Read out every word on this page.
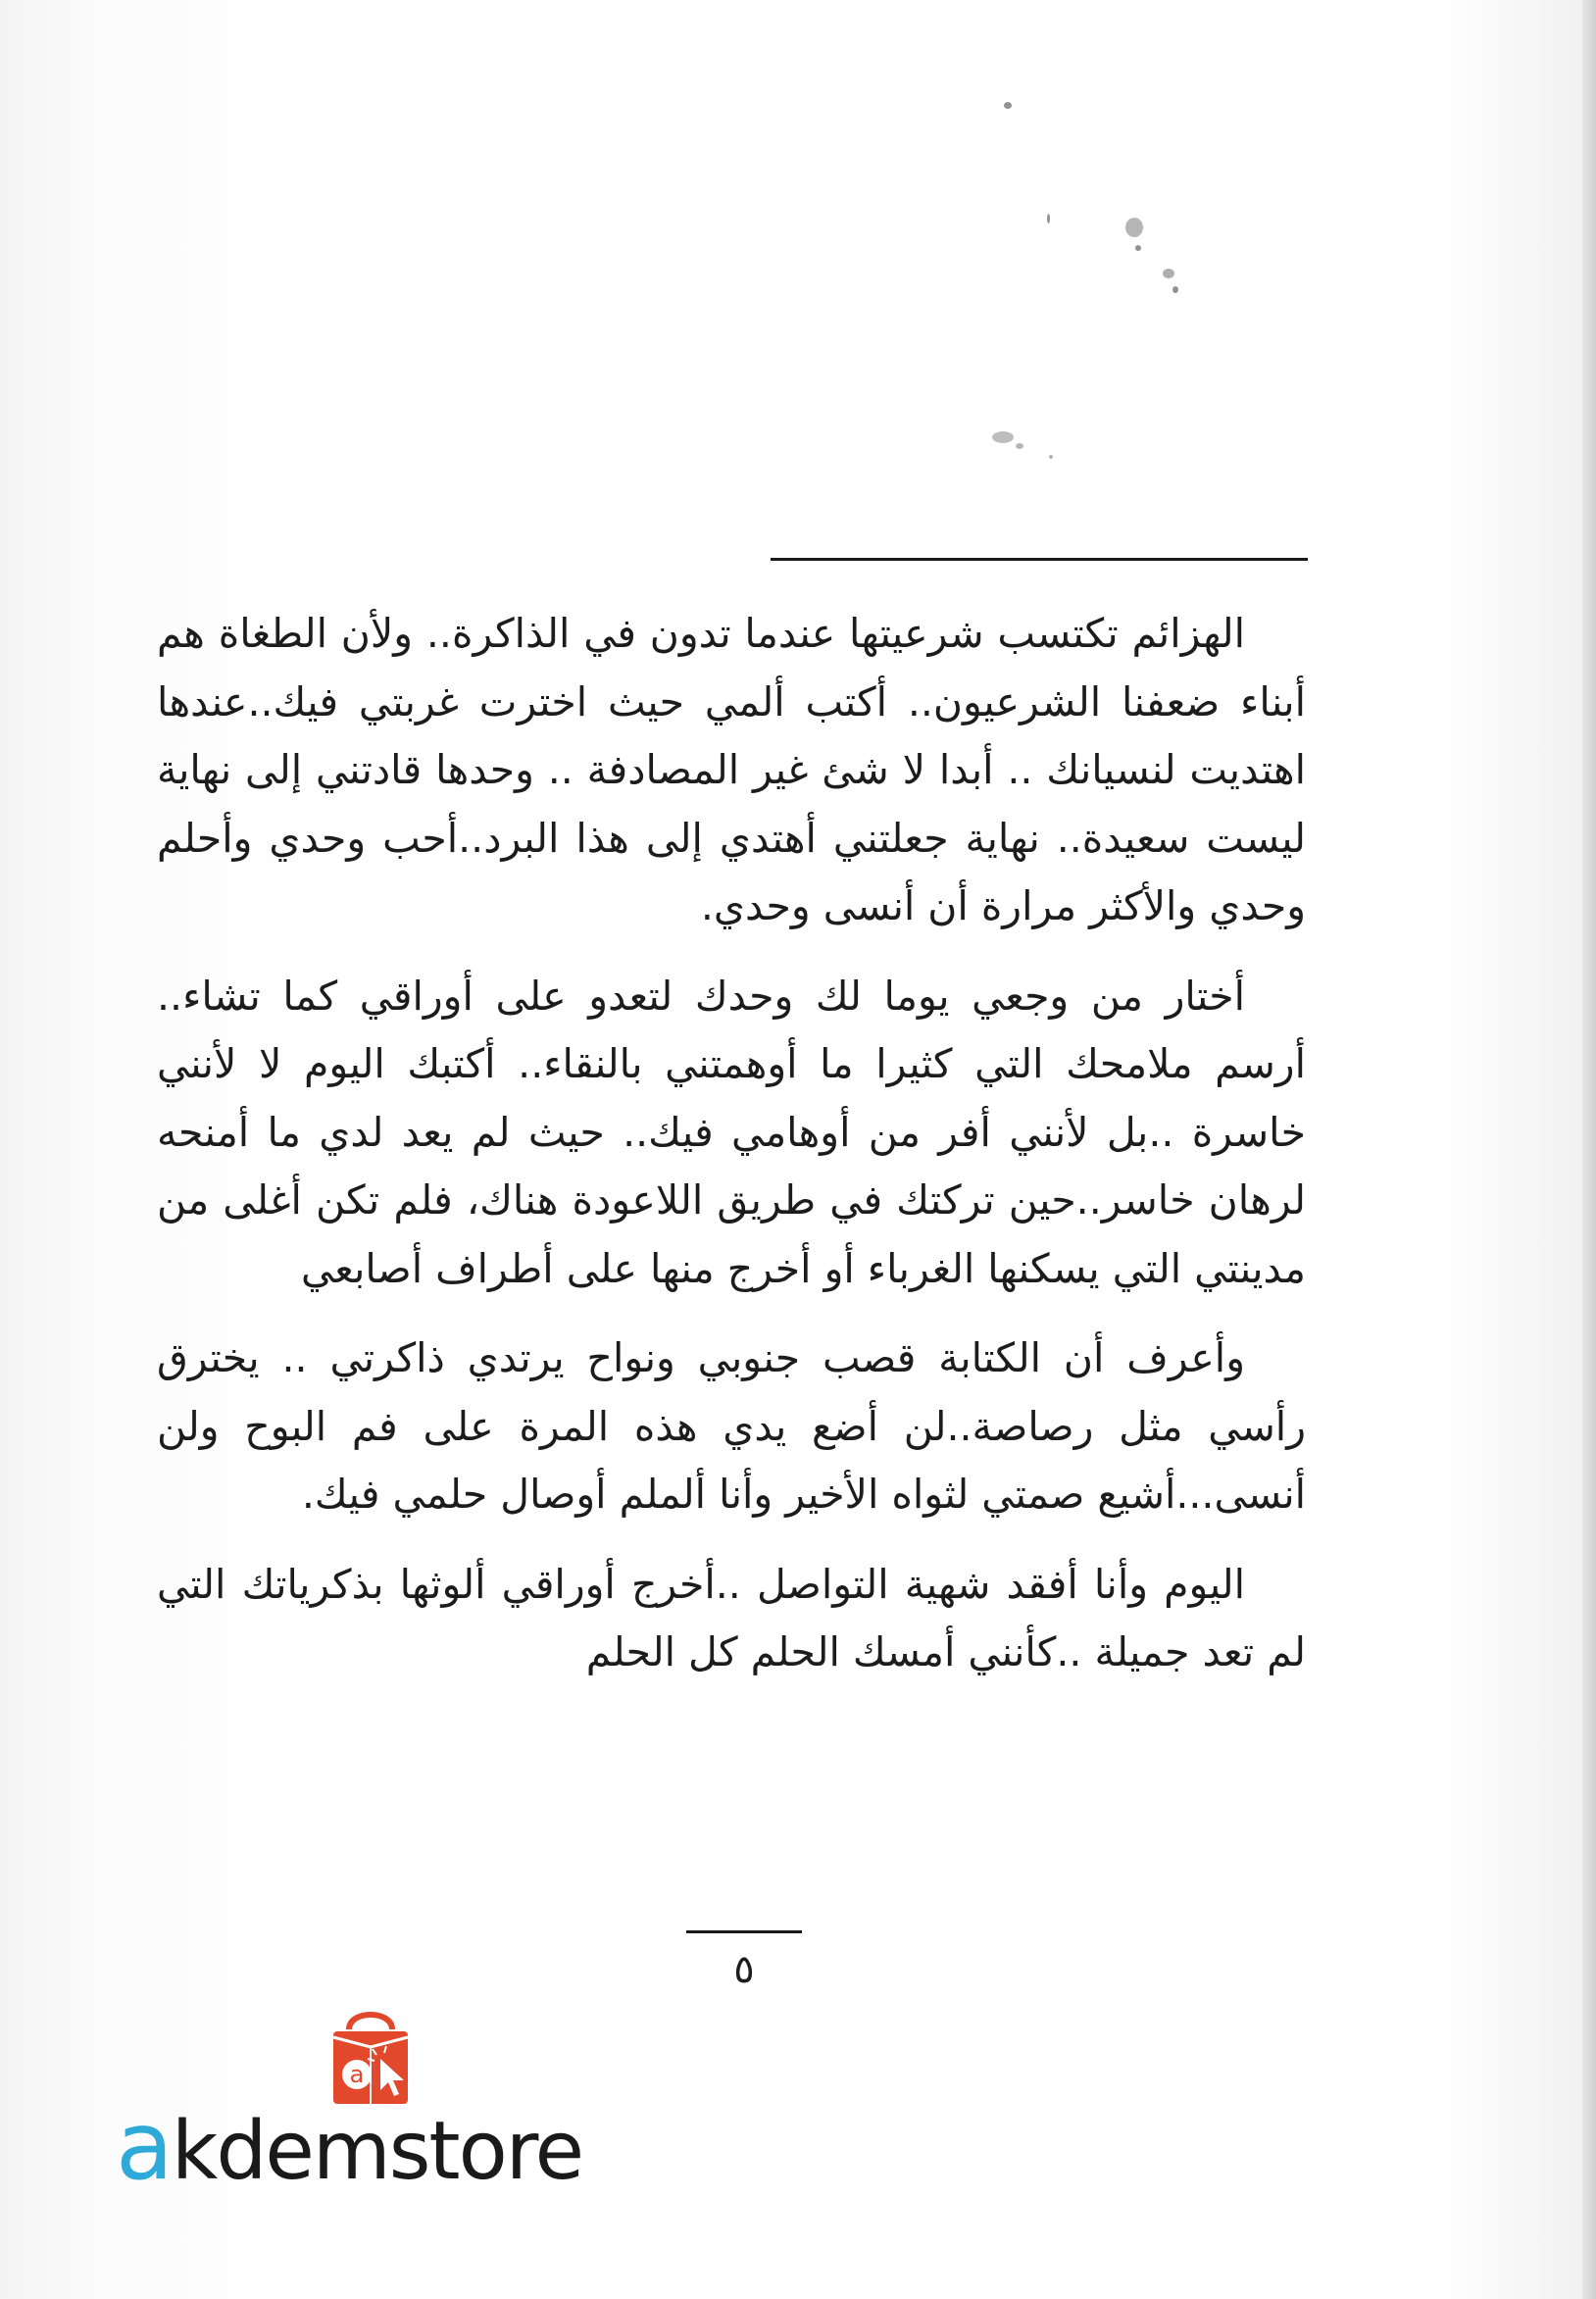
الهزائم تكتسب شرعيتها عندما تدون في الذاكرة.. ولأن الطغاة هم أبناء ضعفنا الشرعيون.. أكتب ألمي حيث اخترت غربتي فيك..عندها اهتديت لنسيانك .. أبدا لا شئ غير المصادفة .. وحدها قادتني إلى نهاية ليست سعيدة.. نهاية جعلتني أهتدي إلى هذا البرد..أحب وحدي وأحلم وحدي والأكثر مرارة أن أنسى وحدي.

أختار من وجعي يوما لك وحدك لتعدو على أوراقي كما تشاء.. أرسم ملامحك التي كثيرا ما أوهمتني بالنقاء.. أكتبك اليوم لا لأنني خاسرة ..بل لأنني أفر من أوهامي فيك.. حيث لم يعد لدي ما أمنحه لرهان خاسر..حين تركتك في طريق اللاعودة هناك، فلم تكن أغلى من مدينتي التي يسكنها الغرباء أو أخرج منها على أطراف أصابعي

وأعرف أن الكتابة قصب جنوبي ونواح يرتدي ذاكرتي .. يخترق رأسي مثل رصاصة..لن أضع يدي هذه المرة على فم البوح ولن أنسى...أشيع صمتي لثواه الأخير وأنا ألملم أوصال حلمي فيك.

اليوم وأنا أفقد شهية التواصل ..أخرج أوراقي ألوثها بذكرياتك التي لم تعد جميلة ..كأنني أمسك الحلم كل الحلم

٥
a
akdemstore
